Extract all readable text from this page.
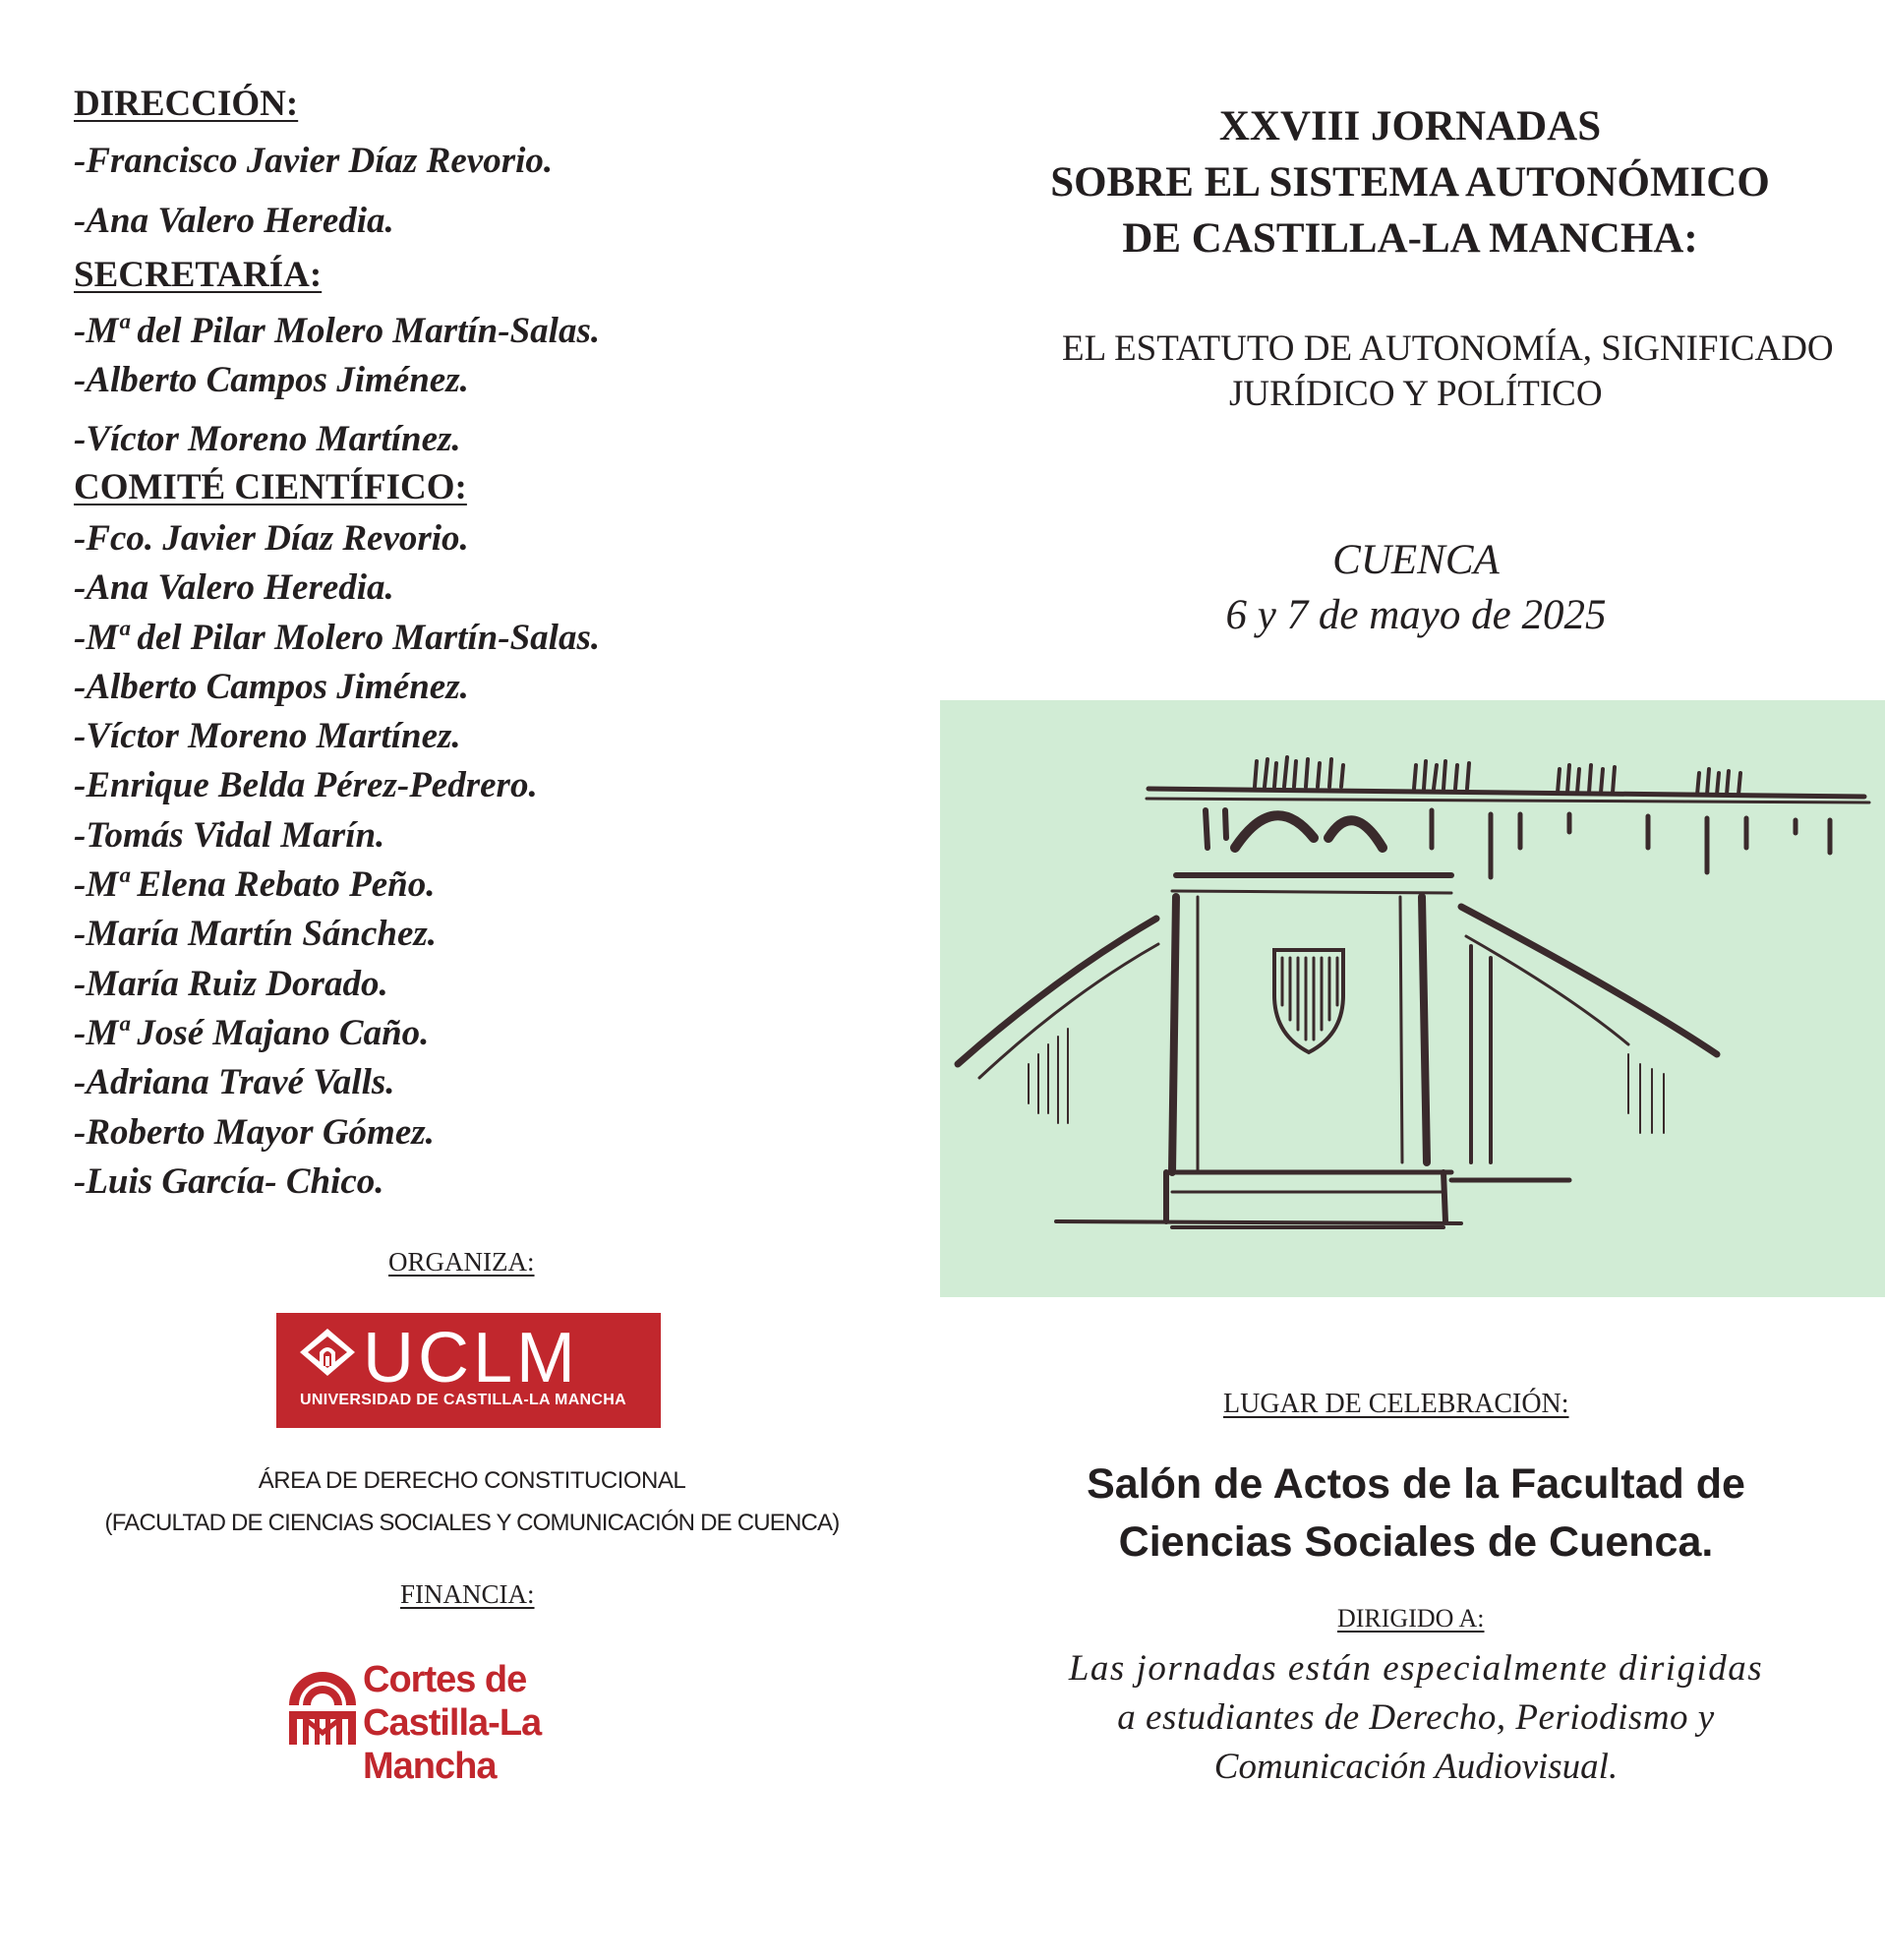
DIRECCIÓN:

-Francisco Javier Díaz Revorio.

-Ana Valero Heredia.

SECRETARÍA:

-Mª del Pilar Molero Martín-Salas.

-Alberto Campos Jiménez.

-Víctor Moreno Martínez.

COMITÉ CIENTÍFICO:

-Fco. Javier Díaz Revorio.

-Ana Valero Heredia.

-Mª del Pilar Molero Martín-Salas.

-Alberto Campos Jiménez.

-Víctor Moreno Martínez.

-Enrique Belda Pérez-Pedrero.

-Tomás Vidal Marín.

-Mª Elena Rebato Peño.

-María Martín Sánchez.

-María Ruiz Dorado.

-Mª José Majano Caño.

-Adriana Travé Valls.

-Roberto Mayor Gómez.

-Luis García- Chico.

ORGANIZA:
UCLM
UNIVERSIDAD DE CASTILLA-LA MANCHA
ÁREA DE DERECHO CONSTITUCIONAL
(FACULTAD DE CIENCIAS SOCIALES Y COMUNICACIÓN DE CUENCA)
FINANCIA:
Cortes de
Castilla-La Mancha
XXVIII JORNADAS
SOBRE EL SISTEMA AUTONÓMICO
DE CASTILLA-LA MANCHA:
EL ESTATUTO DE AUTONOMÍA, SIGNIFICADO
JURÍDICO Y POLÍTICO
CUENCA
6 y 7 de mayo de 2025
LUGAR DE CELEBRACIÓN:
Salón de Actos de la Facultad de
Ciencias Sociales de Cuenca.
DIRIGIDO A:
Las jornadas están especialmente dirigidas
a estudiantes de Derecho, Periodismo y
Comunicación Audiovisual.
